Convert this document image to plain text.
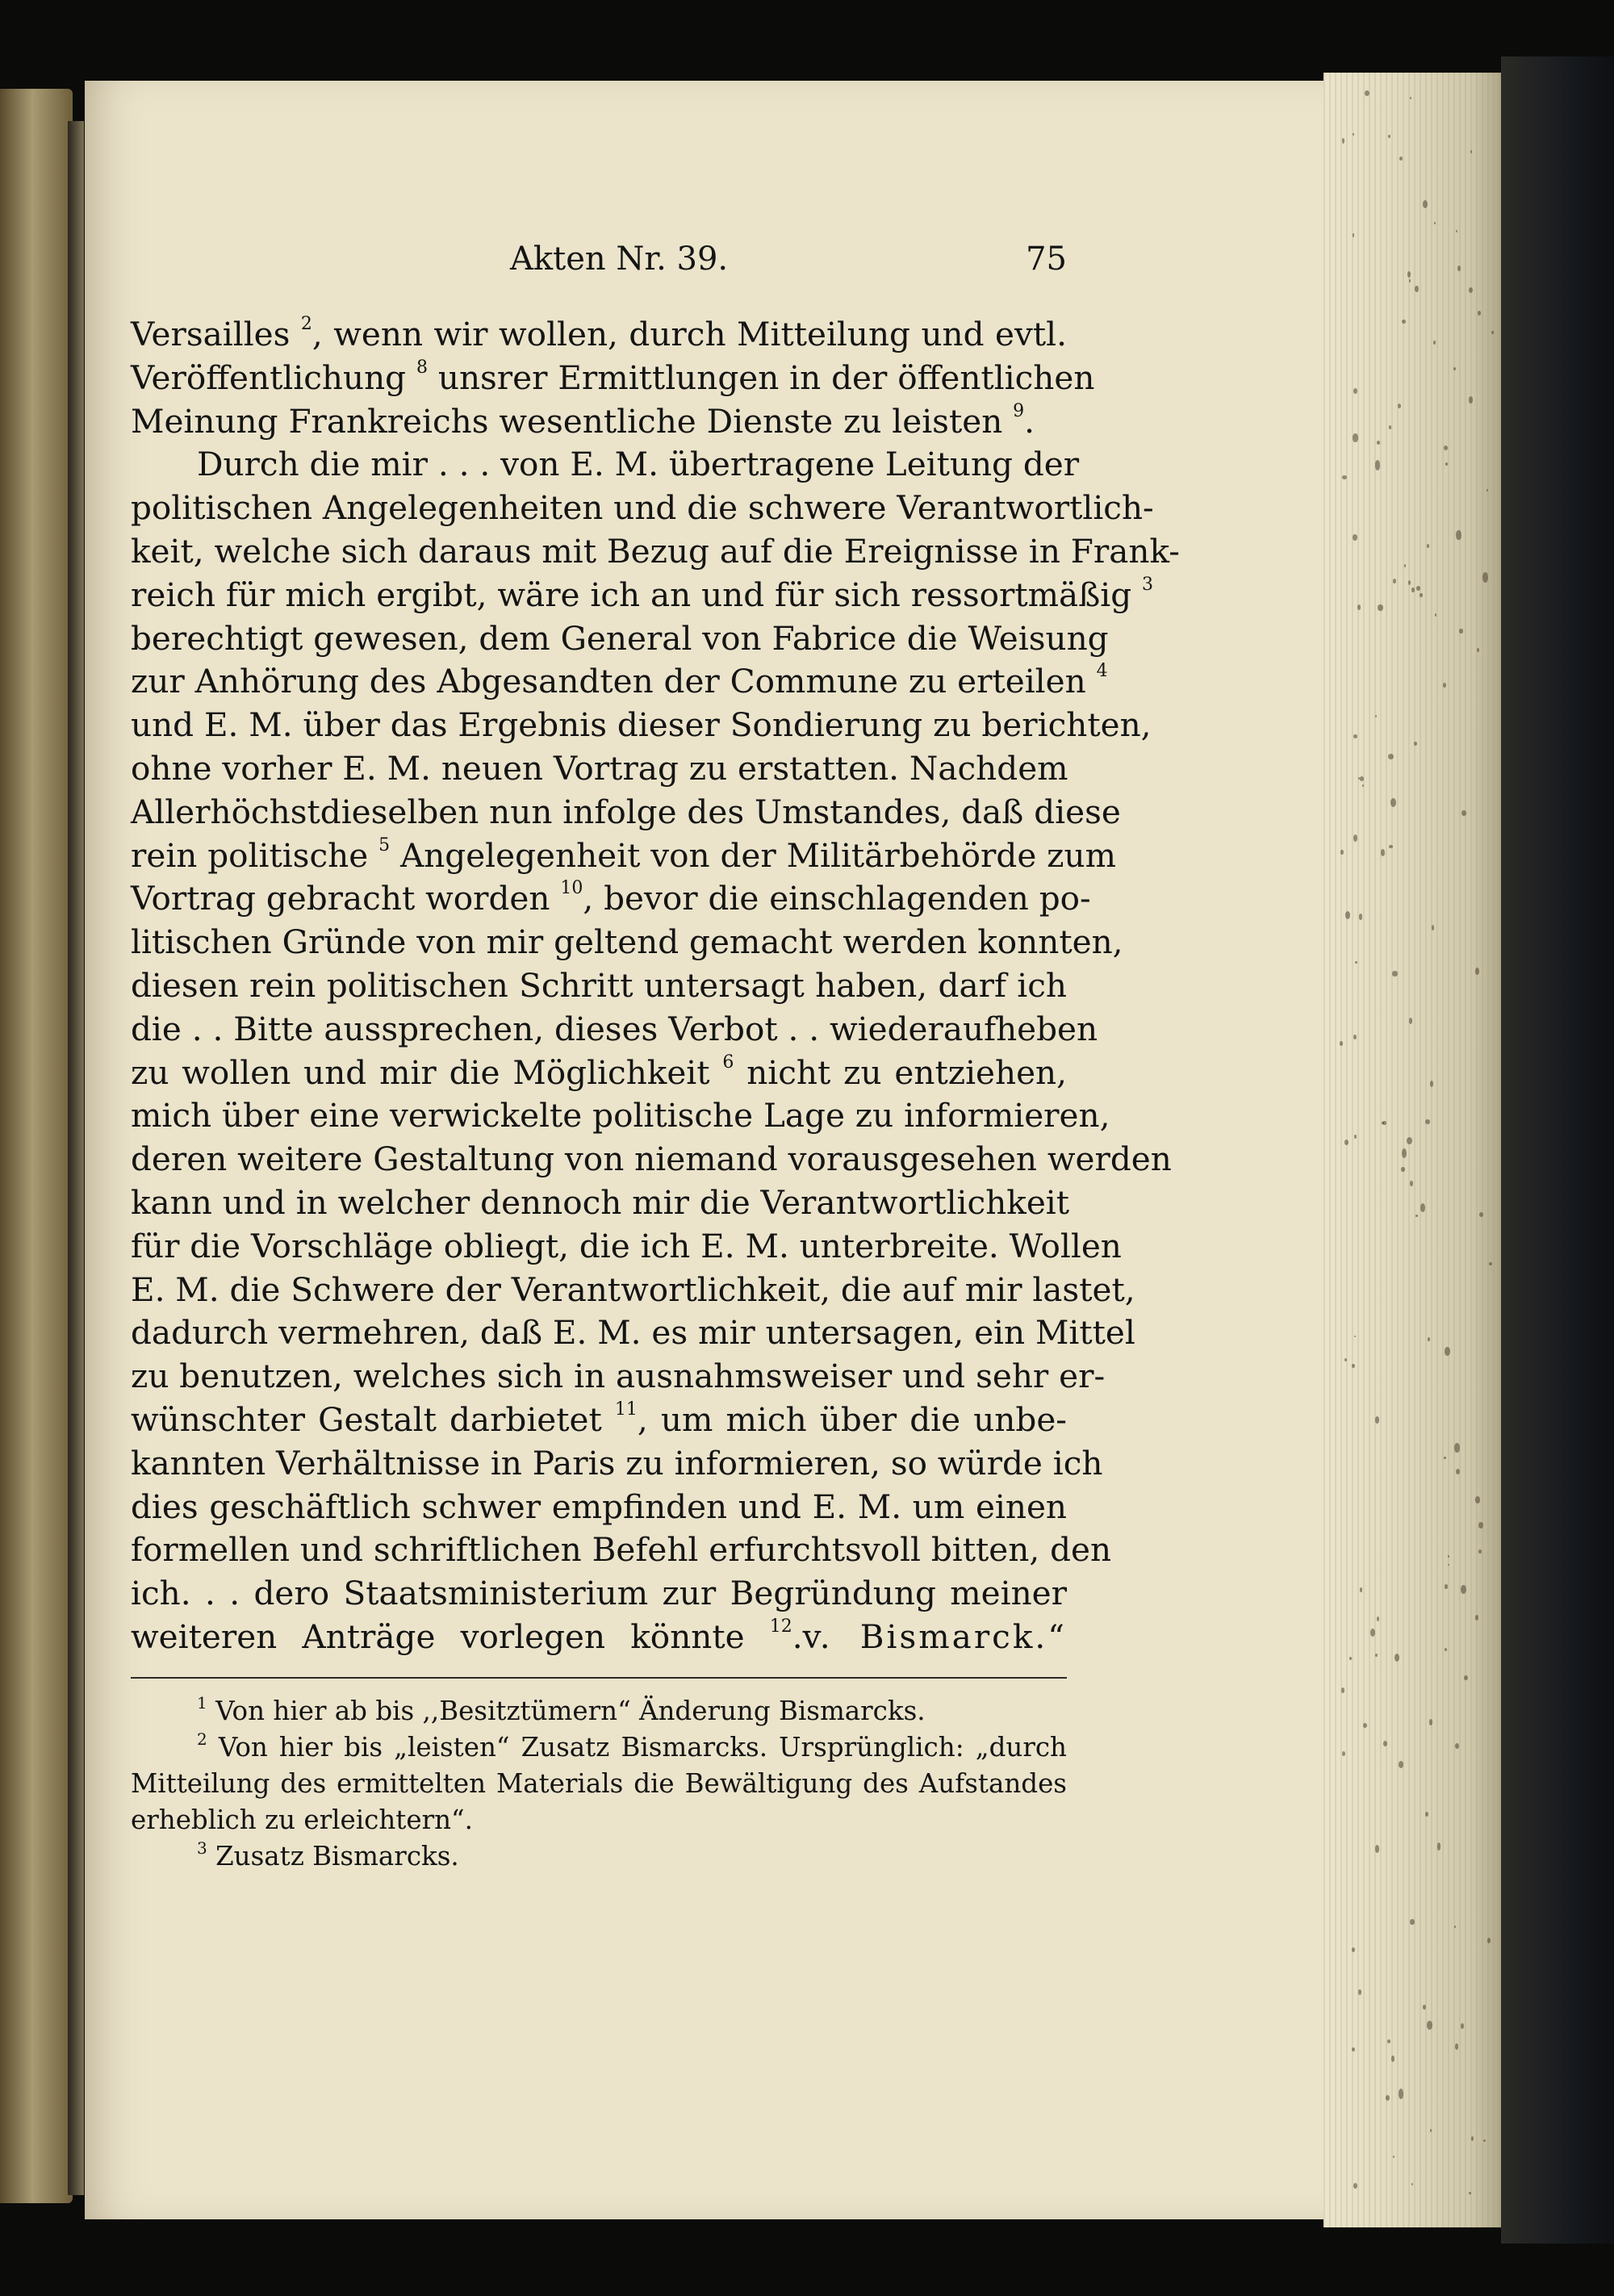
Akten Nr. 39.	75
Versailles $^2$, wenn wir wollen, durch Mitteilung und evtl.
Veröffentlichung $^8$ unsrer Ermittlungen in der öffentlichen
Meinung Frankreichs wesentliche Dienste zu leisten $^9$.
Durch die mir . . . von E. M. übertragene Leitung der
politischen Angelegenheiten und die schwere Verantwortlich-
keit, welche sich daraus mit Bezug auf die Ereignisse in Frank-
reich für mich ergibt, wäre ich an und für sich ressortmäßig $^3$
berechtigt gewesen, dem General von Fabrice die Weisung
zur Anhörung des Abgesandten der Commune zu erteilen $^4$
und E. M. über das Ergebnis dieser Sondierung zu berichten,
ohne vorher E. M. neuen Vortrag zu erstatten. Nachdem
Allerhöchstdieselben nun infolge des Umstandes, daß diese
rein politische $^5$ Angelegenheit von der Militärbehörde zum
Vortrag gebracht worden $^{10}$, bevor die einschlagenden po-
litischen Gründe von mir geltend gemacht werden konnten,
diesen rein politischen Schritt untersagt haben, darf ich
die . . Bitte aussprechen, dieses Verbot . . wiederaufheben
zu wollen und mir die Möglichkeit $^6$ nicht zu entziehen,
mich über eine verwickelte politische Lage zu informieren,
deren weitere Gestaltung von niemand vorausgesehen werden
kann und in welcher dennoch mir die Verantwortlichkeit
für die Vorschläge obliegt, die ich E. M. unterbreite. Wollen
E. M. die Schwere der Verantwortlichkeit, die auf mir lastet,
dadurch vermehren, daß E. M. es mir untersagen, ein Mittel
zu benutzen, welches sich in ausnahmsweiser und sehr er-
wünschter Gestalt darbietet $^{11}$, um mich über die unbe-
kannten Verhältnisse in Paris zu informieren, so würde ich
dies geschäftlich schwer empfinden und E. M. um einen
formellen und schriftlichen Befehl erfurchtsvoll bitten, den
ich. . . dero Staatsministerium zur Begründung meiner
weiteren Anträge vorlegen könnte $^{12}$.v. Bismarck.“
$^1$ Von hier ab bis ,,Besitztümern“ Änderung Bismarcks.
$^2$ Von hier bis „leisten“ Zusatz Bismarcks. Ursprünglich: „durch
Mitteilung des ermittelten Materials die Bewältigung des Aufstandes
erheblich zu erleichtern“.
$^3$ Zusatz Bismarcks.
